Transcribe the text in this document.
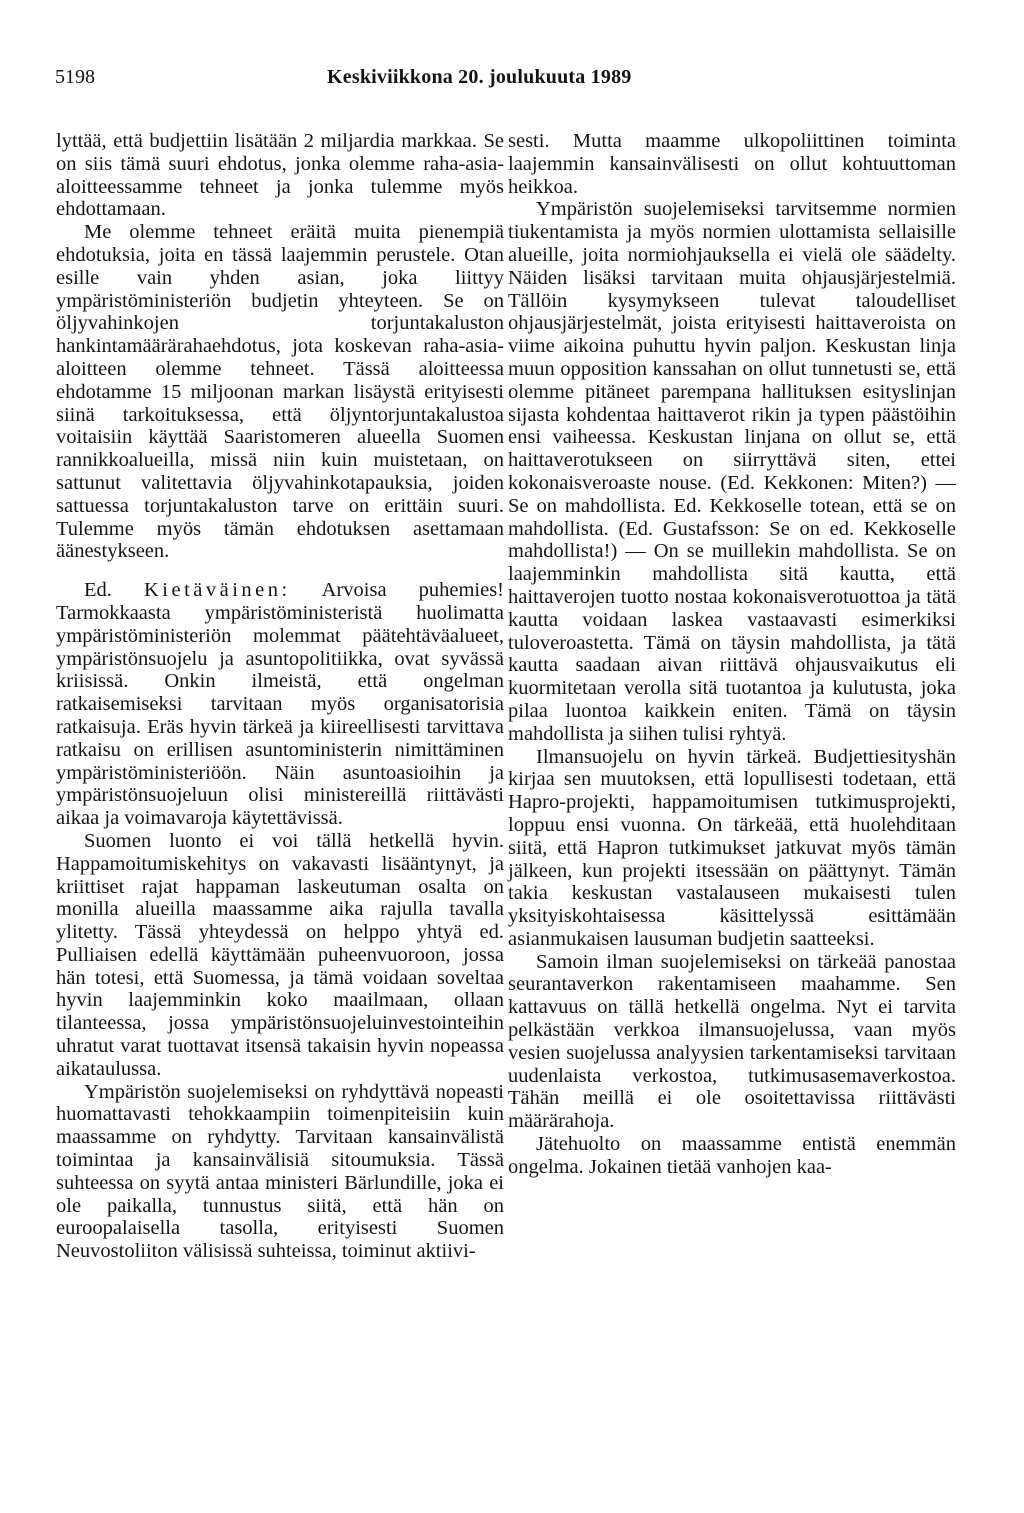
5198	Keskiviikkona 20. joulukuuta 1989

lyttää, että budjettiin lisätään 2 miljardia markkaa. Se on siis tämä suuri ehdotus, jonka olemme raha-asia-aloitteessamme tehneet ja jonka tulemme myös ehdottamaan.

Me olemme tehneet eräitä muita pienempiä ehdotuksia, joita en tässä laajemmin perustele. Otan esille vain yhden asian, joka liittyy ympäristöministeriön budjetin yhteyteen. Se on öljyvahinkojen torjuntakaluston hankintamäärärahaehdotus, jota koskevan raha-asia-aloitteen olemme tehneet. Tässä aloitteessa ehdotamme 15 miljoonan markan lisäystä erityisesti siinä tarkoituksessa, että öljyntorjuntakalustoa voitaisiin käyttää Saaristomeren alueella Suomen rannikkoalueilla, missä niin kuin muistetaan, on sattunut valitettavia öljyvahinkotapauksia, joiden sattuessa torjuntakaluston tarve on erittäin suuri. Tulemme myös tämän ehdotuksen asettamaan äänestykseen.

Ed. Kietäväinen: Arvoisa puhemies! Tarmokkaasta ympäristöministeristä huolimatta ympäristöministeriön molemmat päätehtäväalueet, ympäristönsuojelu ja asuntopolitiikka, ovat syvässä kriisissä. Onkin ilmeistä, että ongelman ratkaisemiseksi tarvitaan myös organisatorisia ratkaisuja. Eräs hyvin tärkeä ja kiireellisesti tarvittava ratkaisu on erillisen asuntoministerin nimittäminen ympäristöministeriöön. Näin asuntoasioihin ja ympäristönsuojeluun olisi ministereillä riittävästi aikaa ja voimavaroja käytettävissä.

Suomen luonto ei voi tällä hetkellä hyvin. Happamoitumiskehitys on vakavasti lisääntynyt, ja kriittiset rajat happaman laskeutuman osalta on monilla alueilla maassamme aika rajulla tavalla ylitetty. Tässä yhteydessä on helppo yhtyä ed. Pulliaisen edellä käyttämään puheenvuoroon, jossa hän totesi, että Suomessa, ja tämä voidaan soveltaa hyvin laajemminkin koko maailmaan, ollaan tilanteessa, jossa ympäristönsuojeluinvestointeihin uhratut varat tuottavat itsensä takaisin hyvin nopeassa aikataulussa.

Ympäristön suojelemiseksi on ryhdyttävä nopeasti huomattavasti tehokkaampiin toimenpiteisiin kuin maassamme on ryhdytty. Tarvitaan kansainvälistä toimintaa ja kansainvälisiä sitoumuksia. Tässä suhteessa on syytä antaa ministeri Bärlundille, joka ei ole paikalla, tunnustus siitä, että hän on euroopalaisella tasolla, erityisesti Suomen Neuvostoliiton välisissä suhteissa, toiminut aktiivi-

sesti. Mutta maamme ulkopoliittinen toiminta laajemmin kansainvälisesti on ollut kohtuuttoman heikkoa.

Ympäristön suojelemiseksi tarvitsemme normien tiukentamista ja myös normien ulottamista sellaisille alueille, joita normiohjauksella ei vielä ole säädelty. Näiden lisäksi tarvitaan muita ohjausjärjestelmiä. Tällöin kysymykseen tulevat taloudelliset ohjausjärjestelmät, joista erityisesti haittaveroista on viime aikoina puhuttu hyvin paljon. Keskustan linja muun opposition kanssahan on ollut tunnetusti se, että olemme pitäneet parempana hallituksen esityslinjan sijasta kohdentaa haittaverot rikin ja typen päästöihin ensi vaiheessa. Keskustan linjana on ollut se, että haittaverotukseen on siirryttävä siten, ettei kokonaisveroaste nouse. (Ed. Kekkonen: Miten?) — Se on mahdollista. Ed. Kekkoselle totean, että se on mahdollista. (Ed. Gustafsson: Se on ed. Kekkoselle mahdollista!) — On se muillekin mahdollista. Se on laajemminkin mahdollista sitä kautta, että haittaverojen tuotto nostaa kokonaisverotuottoa ja tätä kautta voidaan laskea vastaavasti esimerkiksi tuloveroastetta. Tämä on täysin mahdollista, ja tätä kautta saadaan aivan riittävä ohjausvaikutus eli kuormitetaan verolla sitä tuotantoa ja kulutusta, joka pilaa luontoa kaikkein eniten. Tämä on täysin mahdollista ja siihen tulisi ryhtyä.

Ilmansuojelu on hyvin tärkeä. Budjettiesityshän kirjaa sen muutoksen, että lopullisesti todetaan, että Hapro-projekti, happamoitumisen tutkimusprojekti, loppuu ensi vuonna. On tärkeää, että huolehditaan siitä, että Hapron tutkimukset jatkuvat myös tämän jälkeen, kun projekti itsessään on päättynyt. Tämän takia keskustan vastalauseen mukaisesti tulen yksityiskohtaisessa käsittelyssä esittämään asianmukaisen lausuman budjetin saatteeksi.

Samoin ilman suojelemiseksi on tärkeää panostaa seurantaverkon rakentamiseen maahamme. Sen kattavuus on tällä hetkellä ongelma. Nyt ei tarvita pelkästään verkkoa ilmansuojelussa, vaan myös vesien suojelussa analyysien tarkentamiseksi tarvitaan uudenlaista verkostoa, tutkimusasemaverkostoa. Tähän meillä ei ole osoitettavissa riittävästi määrärahoja.

Jätehuolto on maassamme entistä enemmän ongelma. Jokainen tietää vanhojen kaa-
